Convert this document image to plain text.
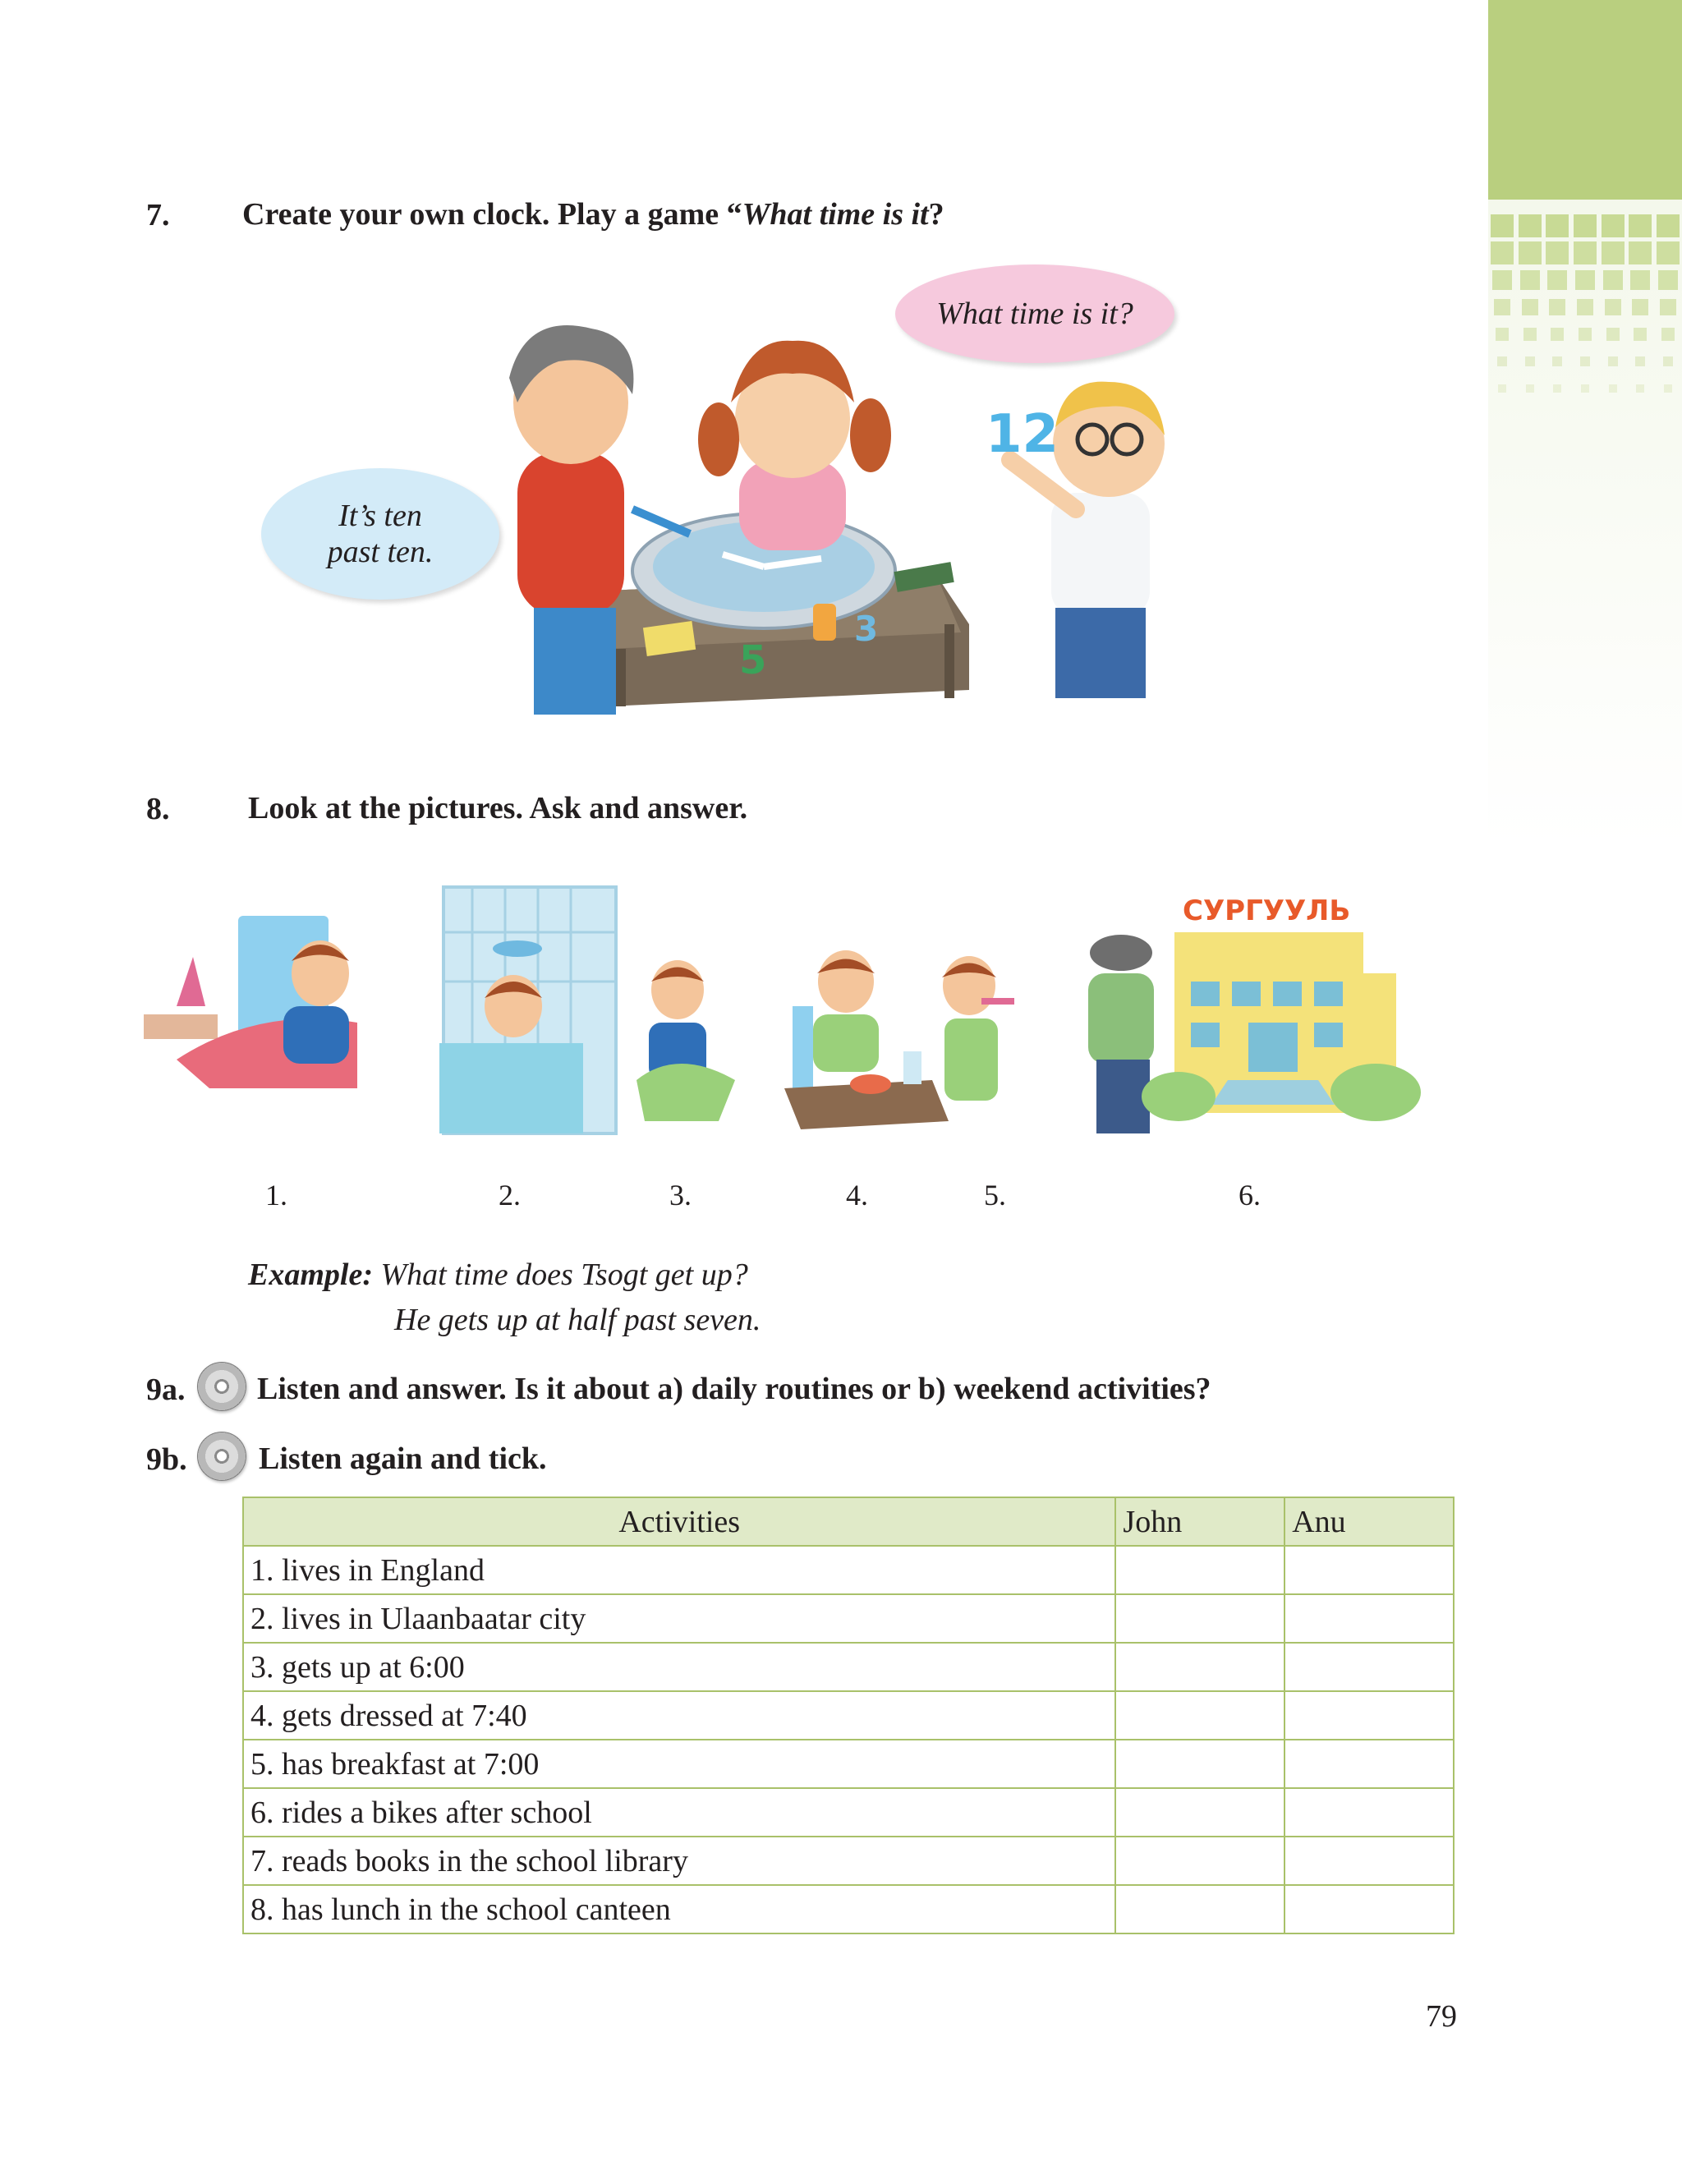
7. Create your own clock. Play a game “What time is it?
5
3
12
What time is it?
It’s ten
past ten.
8.	Look at the pictures. Ask and answer.
СУРГУУЛЬ
1.	2.	3.	4.	5.	6.
Example: What time does Tsogt get up?
He gets up at half past seven.
9a. Listen and answer. Is it about a) daily routines or b) weekend activities?
9b. Listen again and tick.
Activities	John	Anu
1. lives in England		
2. lives in Ulaanbaatar city		
3. gets up at 6:00		
4. gets dressed at 7:40		
5. has breakfast at 7:00		
6. rides a bikes after school		
7. reads books in the school library		
8. has lunch in the school canteen		
79
